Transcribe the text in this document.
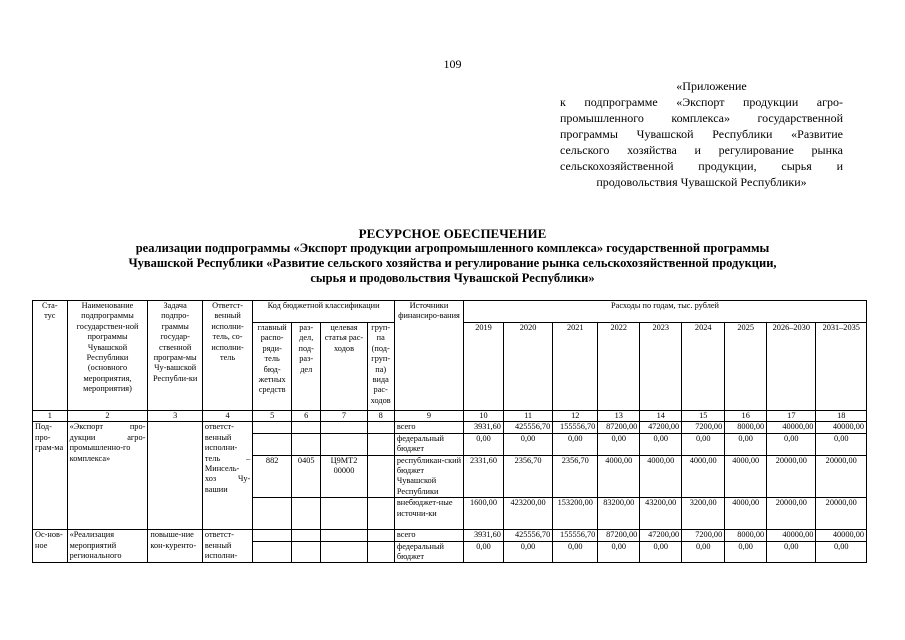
109
«Приложение
к подпрограмме «Экспорт продукции агро-
промышленного комплекса» государственной
программы Чувашской Республики «Развитие
сельского хозяйства и регулирование рынка
сельскохозяйственной продукции, сырья и
продовольствия Чувашской Республики»
РЕСУРСНОЕ ОБЕСПЕЧЕНИЕ
реализации подпрограммы «Экспорт продукции агропромышленного комплекса» государственной программы
Чувашской Республики «Развитие сельского хозяйства и регулирование рынка сельскохозяйственной продукции,
сырья и продовольствия Чувашской Республики»
Ста-
тус	Наименование подпрограммы государствен-ной программы Чувашской Республики (основного мероприятия, мероприятия)	Задача подпро-граммы государ-ственной програм-мы Чу-вашской Республи-ки	Ответст-венный исполни-тель, со-исполни-тель	Код бюджетной классификации				Источники финансиро-вания	Расходы по годам, тыс. рублей								
				главный распо-ряди-тель бюд-жетных средств	раз-дел, под-раз-дел	целевая статья рас-ходов	груп-па (под-груп-па) вида рас-ходов		2019	2020	2021	2022	2023	2024	2025	2026–2030	2031–2035
1	2	3	4	5	6	7	8	9	10	11	12	13	14	15	16	17	18
Под-про-грам-ма	«Экспорт про-дукции агро-промышленно-го комплекса»		ответст-венный исполни-тель – Минсель-хоз Чу-вашии					всего	3931,60	425556,70	155556,70	87200,00	47200,00	7200,00	8000,00	40000,00	40000,00
								федеральный бюджет	0,00	0,00	0,00	0,00	0,00	0,00	0,00	0,00	0,00
				882	0405	Ц9МТ2 00000		республикан-ский бюджет Чувашской Республики	2331,60	2356,70	2356,70	4000,00	4000,00	4000,00	4000,00	20000,00	20000,00
								внебюджет-ные источни-ки	1600,00	423200,00	153200,00	83200,00	43200,00	3200,00	4000,00	20000,00	20000,00
Ос-нов-ное	«Реализация мероприятий регионального	повыше-ние кон-куренто-	ответст-венный исполни-					всего	3931,60	425556,70	155556,70	87200,00	47200,00	7200,00	8000,00	40000,00	40000,00
								федеральный бюджет	0,00	0,00	0,00	0,00	0,00	0,00	0,00	0,00	0,00
